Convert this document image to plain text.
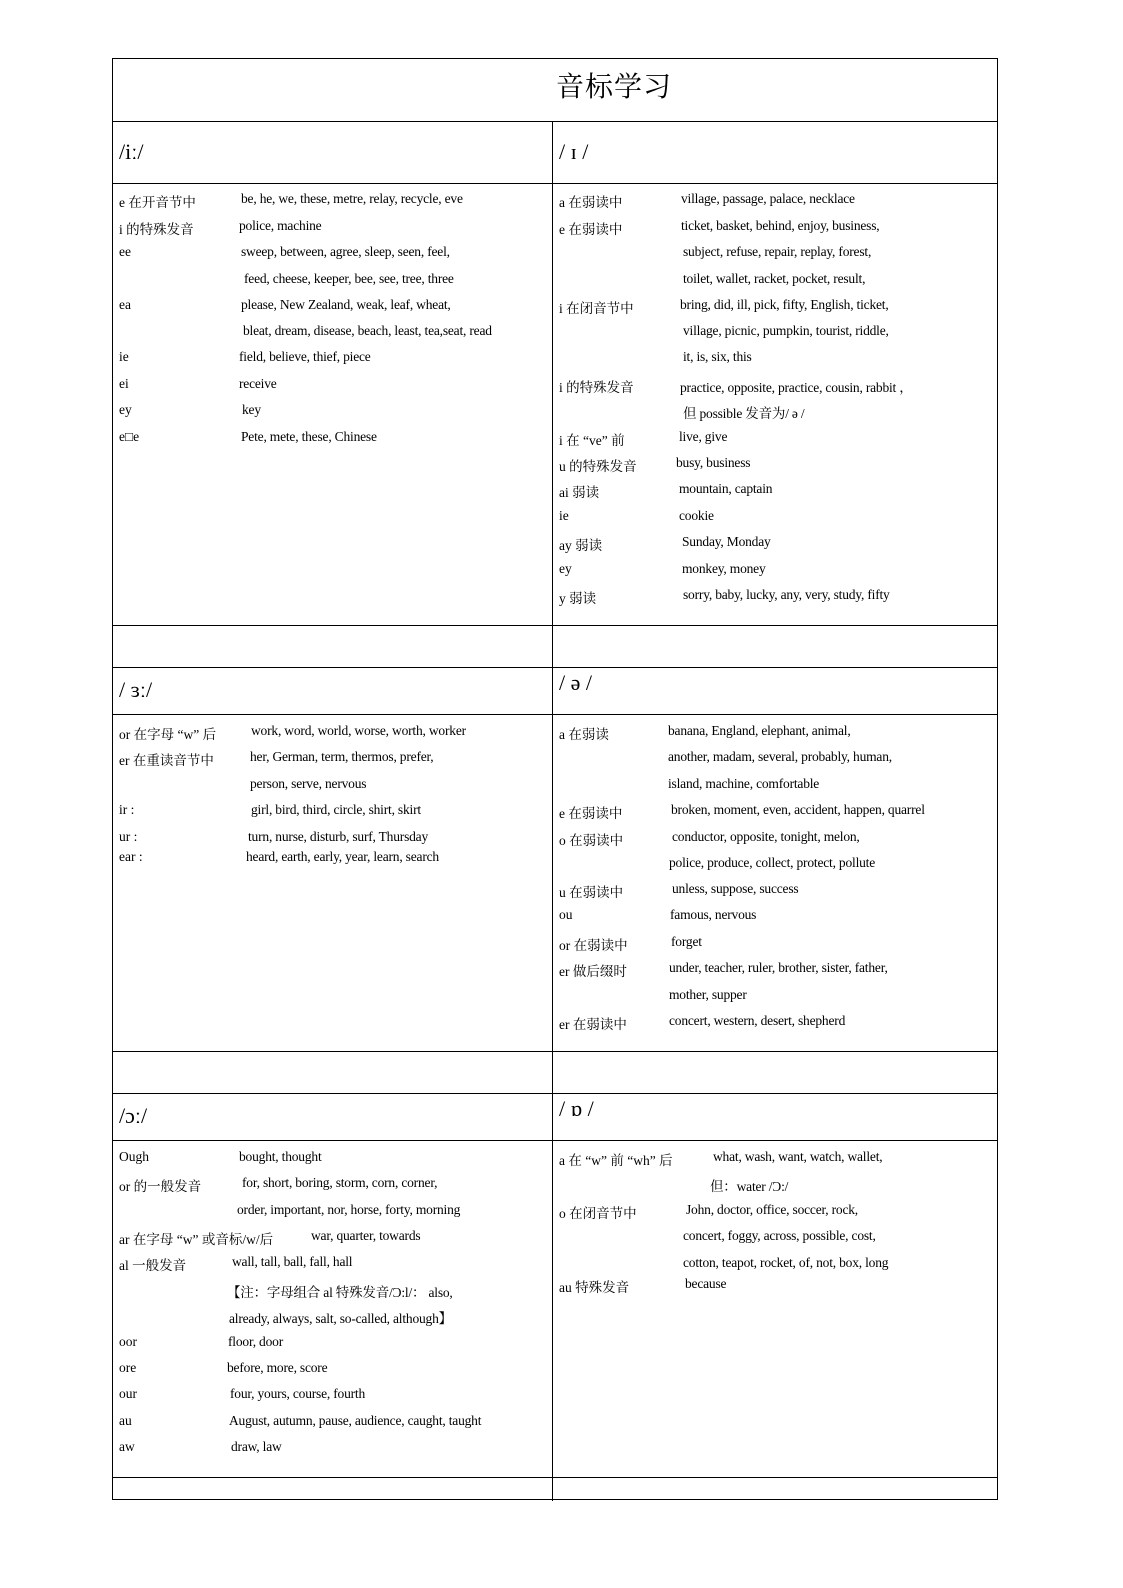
音标学习
/iː/
e 在开音节中	be, he, we, these, metre, relay, recycle, eve
i 的特殊发音	police, machine
ee	sweep, between, agree, sleep, seen, feel,
feed, cheese, keeper, bee, see, tree, three
ea	please, New Zealand, weak, leaf, wheat,
bleat, dream, disease, beach, least, tea,seat, read
ie	field, believe, thief, piece
ei	receive
ey	key
e□e	Pete, mete, these, Chinese
/ ɪ /
a 在弱读中	village, passage, palace, necklace
e 在弱读中	ticket, basket, behind, enjoy, business,
subject, refuse, repair, replay, forest,
toilet, wallet, racket, pocket, result,
i 在闭音节中	bring, did, ill, pick, fifty, English, ticket,
village, picnic, pumpkin, tourist, riddle,
it, is, six, this
i 的特殊发音	practice, opposite, practice, cousin, rabbit ，
但 possible 发音为/ ə /
i 在 “ve” 前	live, give
u 的特殊发音	busy, business
ai 弱读	mountain, captain
ie	cookie
ay 弱读	Sunday, Monday
ey	monkey, money
y 弱读	sorry, baby, lucky, any, very, study, fifty
/ ɜː/
or 在字母 “w” 后	work, word, world, worse, worth, worker
er 在重读音节中	her, German, term, thermos, prefer,
person, serve, nervous
ir :	girl, bird, third, circle, shirt, skirt
ur :	turn, nurse, disturb, surf, Thursday
ear :	heard, earth, early, year, learn, search
/ ə /
a 在弱读	banana, England, elephant, animal,
another, madam, several, probably, human,
island, machine, comfortable
e 在弱读中	broken, moment, even, accident, happen, quarrel
o 在弱读中	conductor, opposite, tonight, melon,
police, produce, collect, protect, pollute
u 在弱读中	unless, suppose, success
ou	famous, nervous
or 在弱读中	forget
er 做后缀时	under, teacher, ruler, brother, sister, father,
mother, supper
er 在弱读中	concert, western, desert, shepherd
/ɔː/
Ough	bought, thought
or 的一般发音	for, short, boring, storm, corn, corner,
order, important, nor, horse, forty, morning
ar 在字母 “w” 或音标/w/后	war, quarter, towards
al 一般发音	wall, tall, ball, fall, hall
【注：字母组合 al 特殊发音/Ɔ:l/： also,
already, always, salt, so-called, although】
oor	floor, door
ore	before, more, score
our	four, yours, course, fourth
au	August, autumn, pause, audience, caught, taught
aw	draw, law
/ ɒ /
a 在 “w” 前 “wh” 后	what, wash, want, watch, wallet,
但：water /Ɔ:/
o 在闭音节中	John, doctor, office, soccer, rock,
concert, foggy, across, possible, cost,
cotton, teapot, rocket, of, not, box, long
au 特殊发音	because
